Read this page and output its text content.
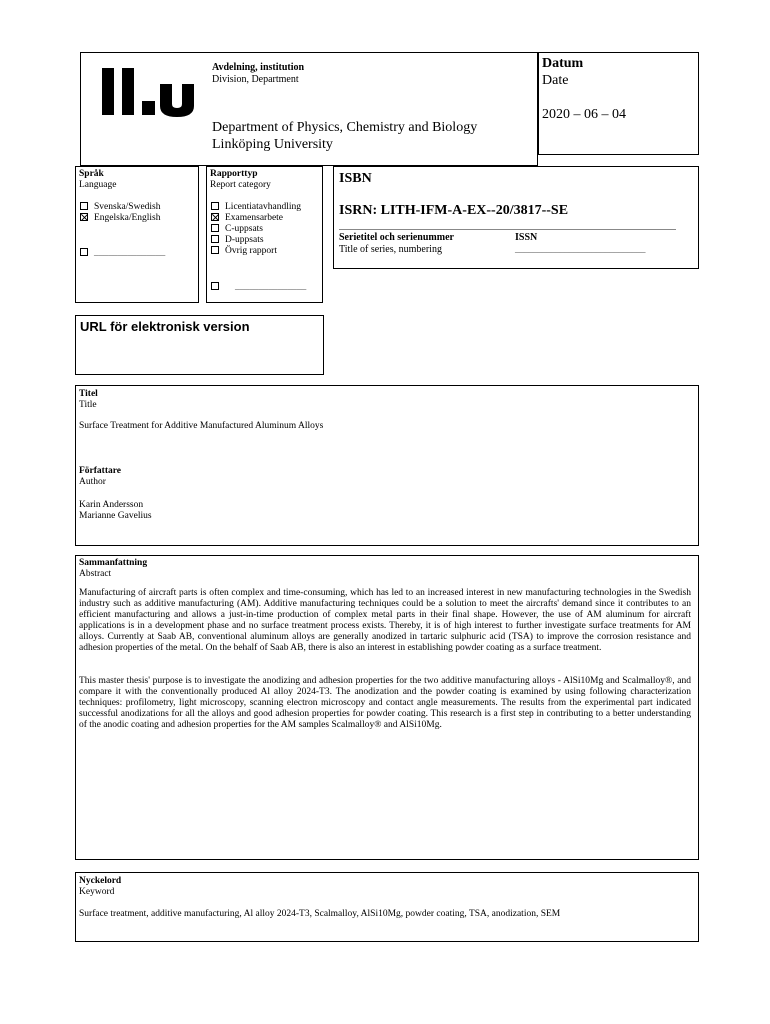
Avdelning, institution
Division, Department
Department of Physics, Chemistry and Biology
Linköping University
Datum
Date
2020 – 06 – 04
Språk
Language
Svenska/Swedish
Engelska/English
_______________
Rapporttyp
Report category
Licentiatavhandling
Examensarbete
C-uppsats
D-uppsats
Övrig rapport
_______________
ISBN
ISRN: LITH-IFM-A-EX--20/3817--SE
Serietitel och serienummer
Title of series, numbering
ISSN
_____________________________
URL för elektronisk version
Titel
Title
Surface Treatment for Additive Manufactured Aluminum Alloys
Författare
Author
Karin Andersson
Marianne Gavelius
Sammanfattning
Abstract

Manufacturing of aircraft parts is often complex and time-consuming, which has led to an increased interest in new manufacturing technologies in the Swedish industry such as additive manufacturing (AM). Additive manufacturing techniques could be a solution to meet the aircrafts' demand since it contributes to an efficient manufacturing and allows a just-in-time production of complex metal parts in their final shape. However, the use of AM aluminum for aircraft applications is in a development phase and no surface treatment process exists. Thereby, it is of high interest to further investigate surface treatments for AM alloys. Currently at Saab AB, conventional aluminum alloys are generally anodized in tartaric sulphuric acid (TSA) to improve the corrosion resistance and adhesion properties of the metal. On the behalf of Saab AB, there is also an interest in establishing powder coating as a surface treatment.

This master thesis' purpose is to investigate the anodizing and adhesion properties for the two additive manufacturing alloys - AlSi10Mg and Scalmalloy®, and compare it with the conventionally produced Al alloy 2024-T3. The anodization and the powder coating is examined by using following characterization techniques: profilometry, light microscopy, scanning electron microscopy and contact angle measurements. The results from the experimental part indicated successful anodizations for all the alloys and good adhesion properties for powder coating. This research is a first step in contributing to a better understanding of the anodic coating and adhesion properties for the AM samples Scalmalloy® and AlSi10Mg.

Nyckelord
Keyword
Surface treatment, additive manufacturing, Al alloy 2024-T3, Scalmalloy, AlSi10Mg, powder coating, TSA, anodization, SEM
